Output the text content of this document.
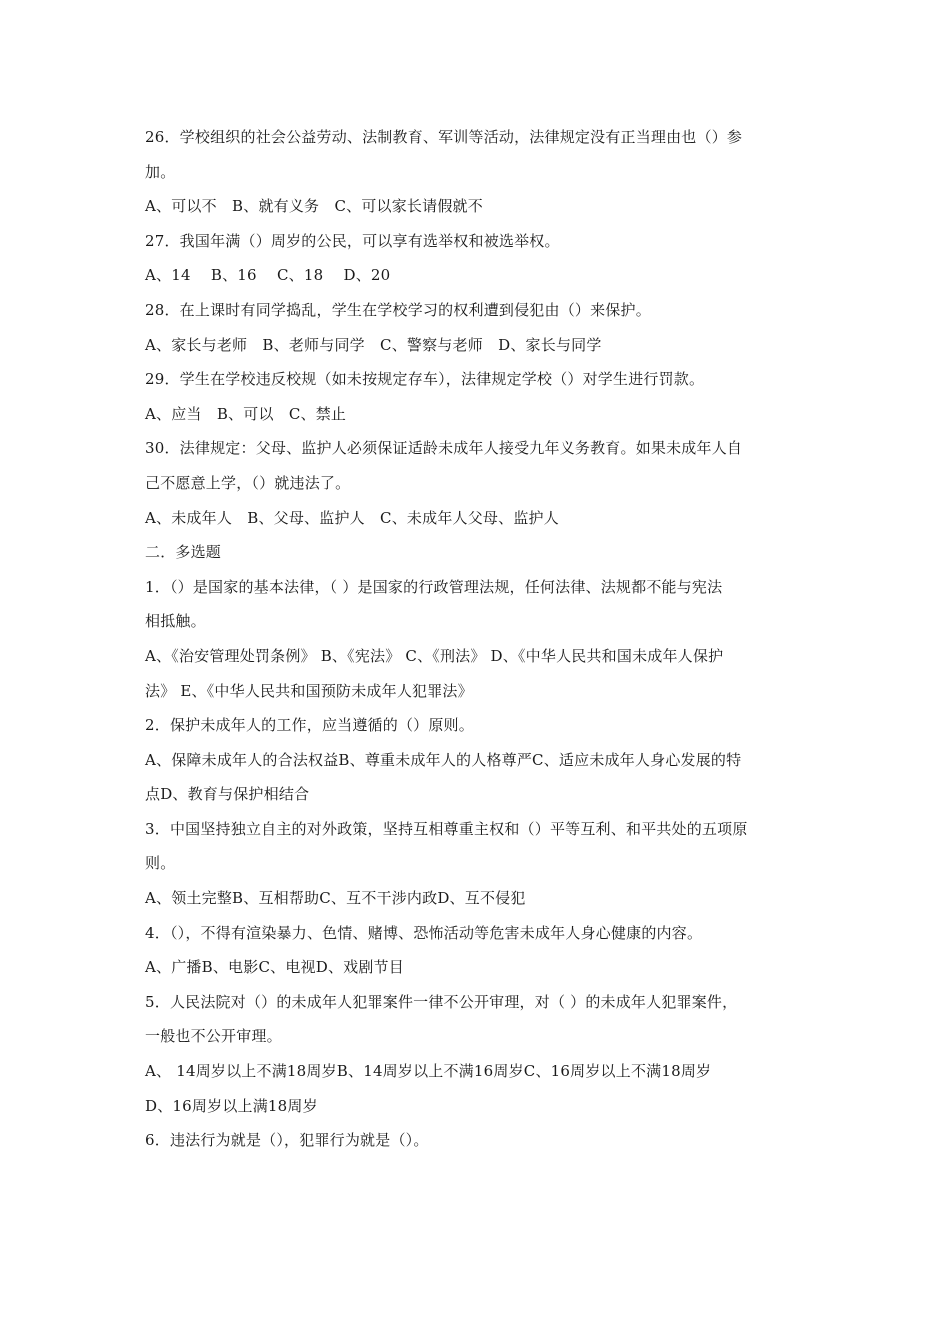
26．学校组织的社会公益劳动、法制教育、军训等活动，法律规定没有正当理由也（）参
加。
A、可以不　B、就有义务　C、可以家长请假就不
27．我国年满（）周岁的公民，可以享有选举权和被选举权。
A、14　 B、16　 C、18　 D、20
28．在上课时有同学捣乱，学生在学校学习的权利遭到侵犯由（）来保护。
A、家长与老师　B、老师与同学　C、警察与老师　D、家长与同学
29．学生在学校违反校规（如未按规定存车），法律规定学校（）对学生进行罚款。
A、应当　B、可以　C、禁止
30．法律规定：父母、监护人必须保证适龄未成年人接受九年义务教育。如果未成年人自
己不愿意上学，（）就违法了。
A、未成年人　B、父母、监护人　C、未成年人父母、监护人
二．多选题
1．（）是国家的基本法律，（ ）是国家的行政管理法规，任何法律、法规都不能与宪法
相抵触。
A、《治安管理处罚条例》 B、《宪法》 C、《刑法》 D、《中华人民共和国未成年人保护
法》 E、《中华人民共和国预防未成年人犯罪法》
2．保护未成年人的工作，应当遵循的（）原则。
A、保障未成年人的合法权益B、尊重未成年人的人格尊严C、适应未成年人身心发展的特
点D、教育与保护相结合
3．中国坚持独立自主的对外政策，坚持互相尊重主权和（）平等互利、和平共处的五项原
则。
A、领土完整B、互相帮助C、互不干涉内政D、互不侵犯
4．（），不得有渲染暴力、色情、赌博、恐怖活动等危害未成年人身心健康的内容。
A、广播B、电影C、电视D、戏剧节目
5．人民法院对（）的未成年人犯罪案件一律不公开审理，对（ ）的未成年人犯罪案件，
一般也不公开审理。
A、 14周岁以上不满18周岁B、14周岁以上不满16周岁C、16周岁以上不满18周岁
D、16周岁以上满18周岁
6．违法行为就是（），犯罪行为就是（）。
